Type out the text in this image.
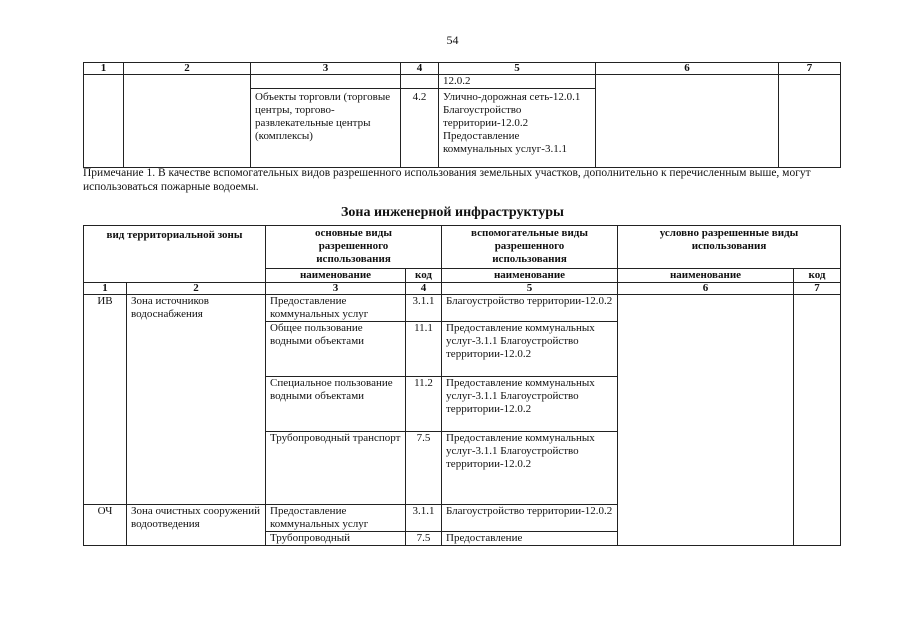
54
1	2	3	4	5	6	7
				12.0.2		
		Объекты торговли (торговые центры, торгово-развлекательные центры (комплексы)	4.2	Улично-дорожная сеть-12.0.1
Благоустройство территории-12.0.2
Предоставление коммунальных услуг-3.1.1		
Примечание 1. В качестве вспомогательных видов разрешенного использования земельных участков, дополнительно к перечисленным выше, могут использоваться пожарные водоемы.
Зона инженерной инфраструктуры
вид территориальной зоны		основные виды разрешенного использования		вспомогательные виды разрешенного использования	условно разрешенные виды использования	
		наименование	код	наименование	наименование	код
1	2	3	4	5	6	7
ИВ	Зона источников водоснабжения	Предоставление коммунальных услуг	3.1.1	Благоустройство территории-12.0.2		
		Общее пользование водными объектами	11.1	Предоставление коммунальных услуг-3.1.1 Благоустройство территории-12.0.2		
		Специальное пользование водными объектами	11.2	Предоставление коммунальных услуг-3.1.1 Благоустройство территории-12.0.2		
		Трубопроводный транспорт	7.5	Предоставление коммунальных услуг-3.1.1 Благоустройство территории-12.0.2		
ОЧ	Зона очистных сооружений водоотведения	Предоставление коммунальных услуг	3.1.1	Благоустройство территории-12.0.2		
		Трубопроводный	7.5	Предоставление		
